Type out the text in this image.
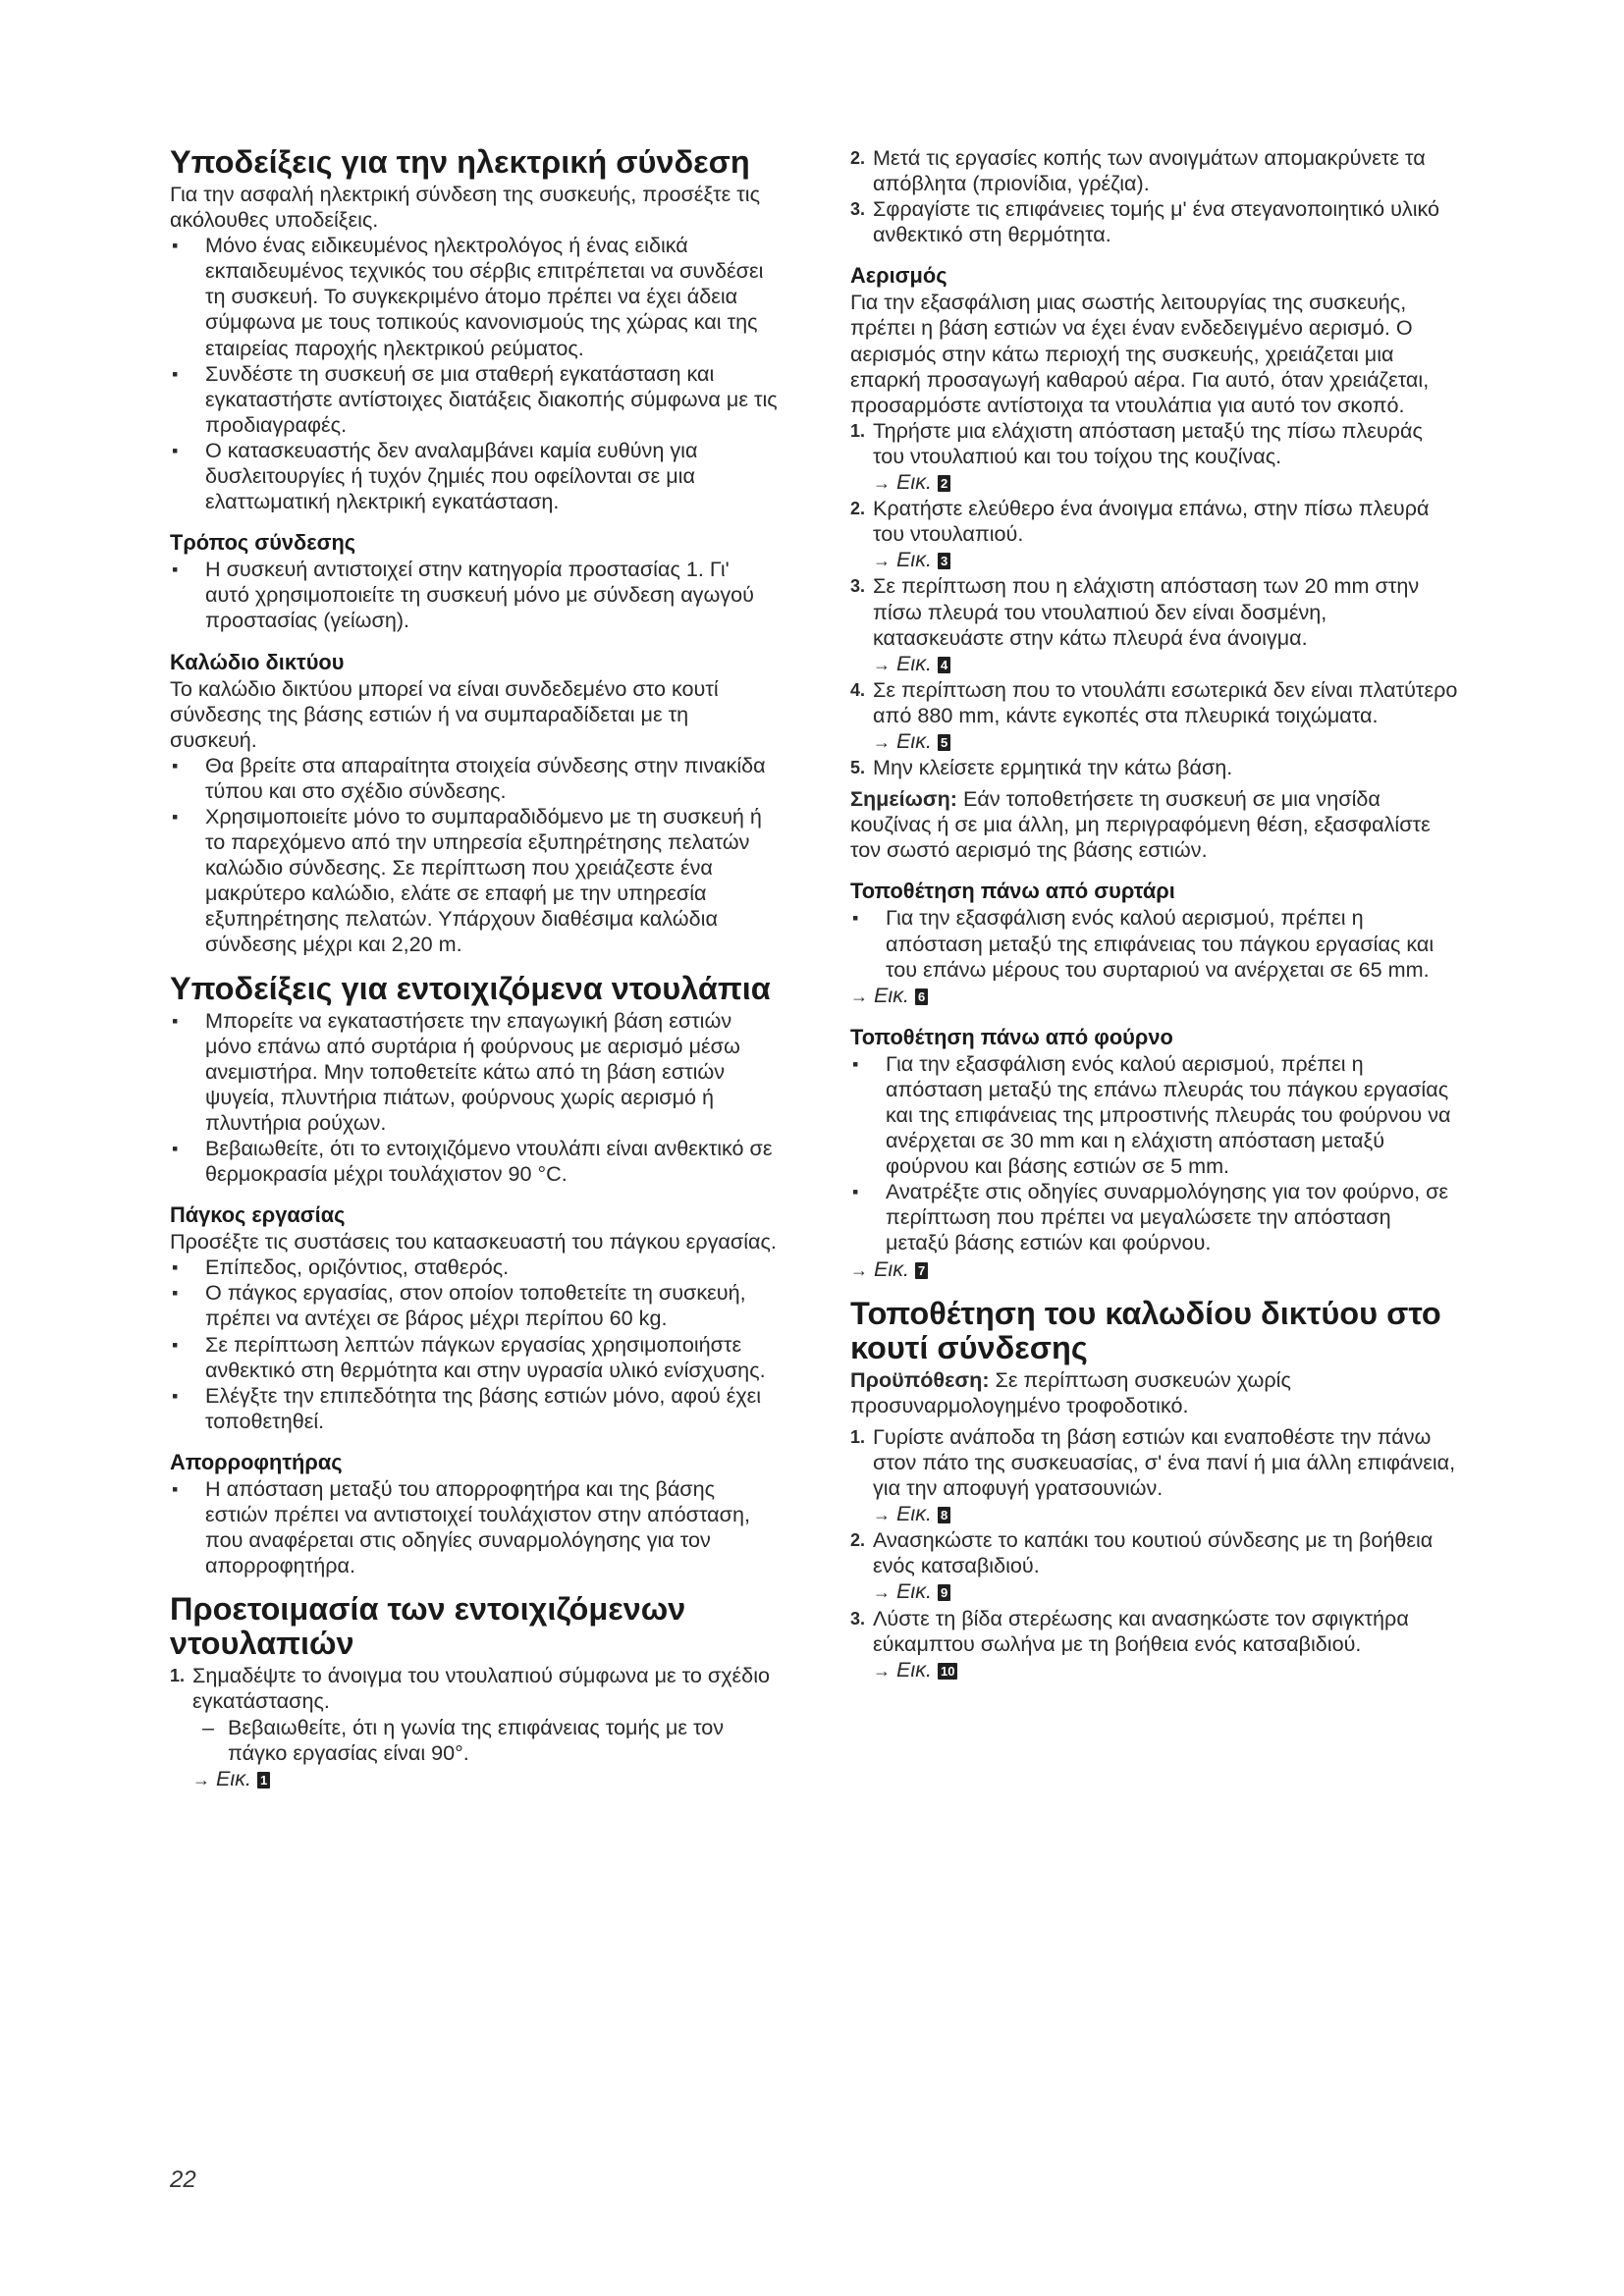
Υποδείξεις για την ηλεκτρική σύνδεση

Για την ασφαλή ηλεκτρική σύνδεση της συσκευής, προσέξτε τις ακόλουθες υποδείξεις.

▪ Μόνο ένας ειδικευμένος ηλεκτρολόγος ή ένας ειδικά εκπαιδευμένος τεχνικός του σέρβις επιτρέπεται να συνδέσει τη συσκευή. Το συγκεκριμένο άτομο πρέπει να έχει άδεια σύμφωνα με τους τοπικούς κανονισμούς της χώρας και της εταιρείας παροχής ηλεκτρικού ρεύματος.
▪ Συνδέστε τη συσκευή σε μια σταθερή εγκατάσταση και εγκαταστήστε αντίστοιχες διατάξεις διακοπής σύμφωνα με τις προδιαγραφές.
▪ Ο κατασκευαστής δεν αναλαμβάνει καμία ευθύνη για δυσλειτουργίες ή τυχόν ζημιές που οφείλονται σε μια ελαττωματική ηλεκτρική εγκατάσταση.
Τρόπος σύνδεσης
▪ Η συσκευή αντιστοιχεί στην κατηγορία προστασίας 1. Γι' αυτό χρησιμοποιείτε τη συσκευή μόνο με σύνδεση αγωγού προστασίας (γείωση).
Καλώδιο δικτύου

Το καλώδιο δικτύου μπορεί να είναι συνδεδεμένο στο κουτί σύνδεσης της βάσης εστιών ή να συμπαραδίδεται με τη συσκευή.

▪ Θα βρείτε στα απαραίτητα στοιχεία σύνδεσης στην πινακίδα τύπου και στο σχέδιο σύνδεσης.
▪ Χρησιμοποιείτε μόνο το συμπαραδιδόμενο με τη συσκευή ή το παρεχόμενο από την υπηρεσία εξυπηρέτησης πελατών καλώδιο σύνδεσης. Σε περίπτωση που χρειάζεστε ένα μακρύτερο καλώδιο, ελάτε σε επαφή με την υπηρεσία εξυπηρέτησης πελατών. Υπάρχουν διαθέσιμα καλώδια σύνδεσης μέχρι και 2,20 m.
Υποδείξεις για εντοιχιζόμενα ντουλάπια
▪ Μπορείτε να εγκαταστήσετε την επαγωγική βάση εστιών μόνο επάνω από συρτάρια ή φούρνους με αερισμό μέσω ανεμιστήρα. Μην τοποθετείτε κάτω από τη βάση εστιών ψυγεία, πλυντήρια πιάτων, φούρνους χωρίς αερισμό ή πλυντήρια ρούχων.
▪ Βεβαιωθείτε, ότι το εντοιχιζόμενο ντουλάπι είναι ανθεκτικό σε θερμοκρασία μέχρι τουλάχιστον 90 °C.
Πάγκος εργασίας

Προσέξτε τις συστάσεις του κατασκευαστή του πάγκου εργασίας.

▪ Επίπεδος, οριζόντιος, σταθερός.
▪ Ο πάγκος εργασίας, στον οποίον τοποθετείτε τη συσκευή, πρέπει να αντέχει σε βάρος μέχρι περίπου 60 kg.
▪ Σε περίπτωση λεπτών πάγκων εργασίας χρησιμοποιήστε ανθεκτικό στη θερμότητα και στην υγρασία υλικό ενίσχυσης.
▪ Ελέγξτε την επιπεδότητα της βάσης εστιών μόνο, αφού έχει τοποθετηθεί.
Απορροφητήρας
▪ Η απόσταση μεταξύ του απορροφητήρα και της βάσης εστιών πρέπει να αντιστοιχεί τουλάχιστον στην απόσταση, που αναφέρεται στις οδηγίες συναρμολόγησης για τον απορροφητήρα.
Προετοιμασία των εντοιχιζόμενων ντουλαπιών
1. Σημαδέψτε το άνοιγμα του ντουλαπιού σύμφωνα με το σχέδιο εγκατάστασης.
– Βεβαιωθείτε, ότι η γωνία της επιφάνειας τομής με τον πάγκο εργασίας είναι 90°.
→ Εικ. 1
2. Μετά τις εργασίες κοπής των ανοιγμάτων απομακρύνετε τα απόβλητα (πριονίδια, γρέζια).
3. Σφραγίστε τις επιφάνειες τομής μ' ένα στεγανοποιητικό υλικό ανθεκτικό στη θερμότητα.
Αερισμός

Για την εξασφάλιση μιας σωστής λειτουργίας της συσκευής, πρέπει η βάση εστιών να έχει έναν ενδεδειγμένο αερισμό. Ο αερισμός στην κάτω περιοχή της συσκευής, χρειάζεται μια επαρκή προσαγωγή καθαρού αέρα. Για αυτό, όταν χρειάζεται, προσαρμόστε αντίστοιχα τα ντουλάπια για αυτό τον σκοπό.

1. Τηρήστε μια ελάχιστη απόσταση μεταξύ της πίσω πλευράς του ντουλαπιού και του τοίχου της κουζίνας.
→ Εικ. 2
2. Κρατήστε ελεύθερο ένα άνοιγμα επάνω, στην πίσω πλευρά του ντουλαπιού.
→ Εικ. 3
3. Σε περίπτωση που η ελάχιστη απόσταση των 20 mm στην πίσω πλευρά του ντουλαπιού δεν είναι δοσμένη, κατασκευάστε στην κάτω πλευρά ένα άνοιγμα.
→ Εικ. 4
4. Σε περίπτωση που το ντουλάπι εσωτερικά δεν είναι πλατύτερο από 880 mm, κάντε εγκοπές στα πλευρικά τοιχώματα.
→ Εικ. 5
5. Μην κλείσετε ερμητικά την κάτω βάση.

Σημείωση: Εάν τοποθετήσετε τη συσκευή σε μια νησίδα κουζίνας ή σε μια άλλη, μη περιγραφόμενη θέση, εξασφαλίστε τον σωστό αερισμό της βάσης εστιών.

Τοποθέτηση πάνω από συρτάρι
▪ Για την εξασφάλιση ενός καλού αερισμού, πρέπει η απόσταση μεταξύ της επιφάνειας του πάγκου εργασίας και του επάνω μέρους του συρταριού να ανέρχεται σε 65 mm.
→ Εικ. 6
Τοποθέτηση πάνω από φούρνο
▪ Για την εξασφάλιση ενός καλού αερισμού, πρέπει η απόσταση μεταξύ της επάνω πλευράς του πάγκου εργασίας και της επιφάνειας της μπροστινής πλευράς του φούρνου να ανέρχεται σε 30 mm και η ελάχιστη απόσταση μεταξύ φούρνου και βάσης εστιών σε 5 mm.
▪ Ανατρέξτε στις οδηγίες συναρμολόγησης για τον φούρνο, σε περίπτωση που πρέπει να μεγαλώσετε την απόσταση μεταξύ βάσης εστιών και φούρνου.
→ Εικ. 7
Τοποθέτηση του καλωδίου δικτύου στο κουτί σύνδεσης

Προϋπόθεση: Σε περίπτωση συσκευών χωρίς προσυναρμολογημένο τροφοδοτικό.

1. Γυρίστε ανάποδα τη βάση εστιών και εναποθέστε την πάνω στον πάτο της συσκευασίας, σ' ένα πανί ή μια άλλη επιφάνεια, για την αποφυγή γρατσουνιών.
→ Εικ. 8
2. Ανασηκώστε το καπάκι του κουτιού σύνδεσης με τη βοήθεια ενός κατσαβιδιού.
→ Εικ. 9
3. Λύστε τη βίδα στερέωσης και ανασηκώστε τον σφιγκτήρα εύκαμπτου σωλήνα με τη βοήθεια ενός κατσαβιδιού.
→ Εικ. 10
22
